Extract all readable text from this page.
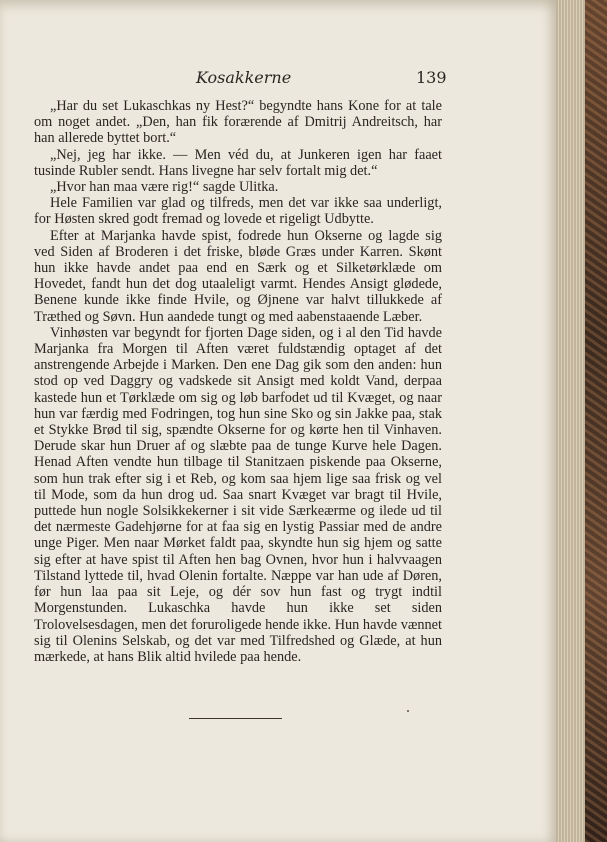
Kosakkerne	139

„Har du set Lukaschkas ny Hest?“ begyndte hans Kone for at tale om noget andet. „Den, han fik forærende af Dmitrij Andreitsch, har han allerede byttet bort.“

„Nej, jeg har ikke. — Men véd du, at Junkeren igen har faaet tusinde Rubler sendt. Hans livegne har selv fortalt mig det.“

„Hvor han maa være rig!“ sagde Ulitka.

Hele Familien var glad og tilfreds, men det var ikke saa underligt, for Høsten skred godt fremad og lovede et rigeligt Udbytte.

Efter at Marjanka havde spist, fodrede hun Okserne og lagde sig ved Siden af Broderen i det friske, bløde Græs under Karren. Skønt hun ikke havde andet paa end en Særk og et Silketørklæde om Hovedet, fandt hun det dog utaaleligt varmt. Hendes Ansigt glødede, Benene kunde ikke finde Hvile, og Øjnene var halvt tillukkede af Træthed og Søvn. Hun aandede tungt og med aabenstaaende Læber.

Vinhøsten var begyndt for fjorten Dage siden, og i al den Tid havde Marjanka fra Morgen til Aften været fuldstændig optaget af det anstrengende Arbejde i Marken. Den ene Dag gik som den anden: hun stod op ved Daggry og vadskede sit Ansigt med koldt Vand, derpaa kastede hun et Tørklæde om sig og løb barfodet ud til Kvæget, og naar hun var færdig med Fodringen, tog hun sine Sko og sin Jakke paa, stak et Stykke Brød til sig, spændte Okserne for og kørte hen til Vinhaven. Derude skar hun Druer af og slæbte paa de tunge Kurve hele Dagen. Henad Aften vendte hun tilbage til Stanitzaen piskende paa Okserne, som hun trak efter sig i et Reb, og kom saa hjem lige saa frisk og vel til Mode, som da hun drog ud. Saa snart Kvæget var bragt til Hvile, puttede hun nogle Solsikkekerner i sit vide Særkeærme og ilede ud til det nærmeste Gadehjørne for at faa sig en lystig Passiar med de andre unge Piger. Men naar Mørket faldt paa, skyndte hun sig hjem og satte sig efter at have spist til Aften hen bag Ovnen, hvor hun i halvvaagen Tilstand lyttede til, hvad Olenin fortalte. Næppe var han ude af Døren, før hun laa paa sit Leje, og dér sov hun fast og trygt indtil Morgenstunden. Lukaschka havde hun ikke set siden Trolovelsesdagen, men det foruroligede hende ikke. Hun havde vænnet sig til Olenins Selskab, og det var med Tilfredshed og Glæde, at hun mærkede, at hans Blik altid hvilede paa hende.
